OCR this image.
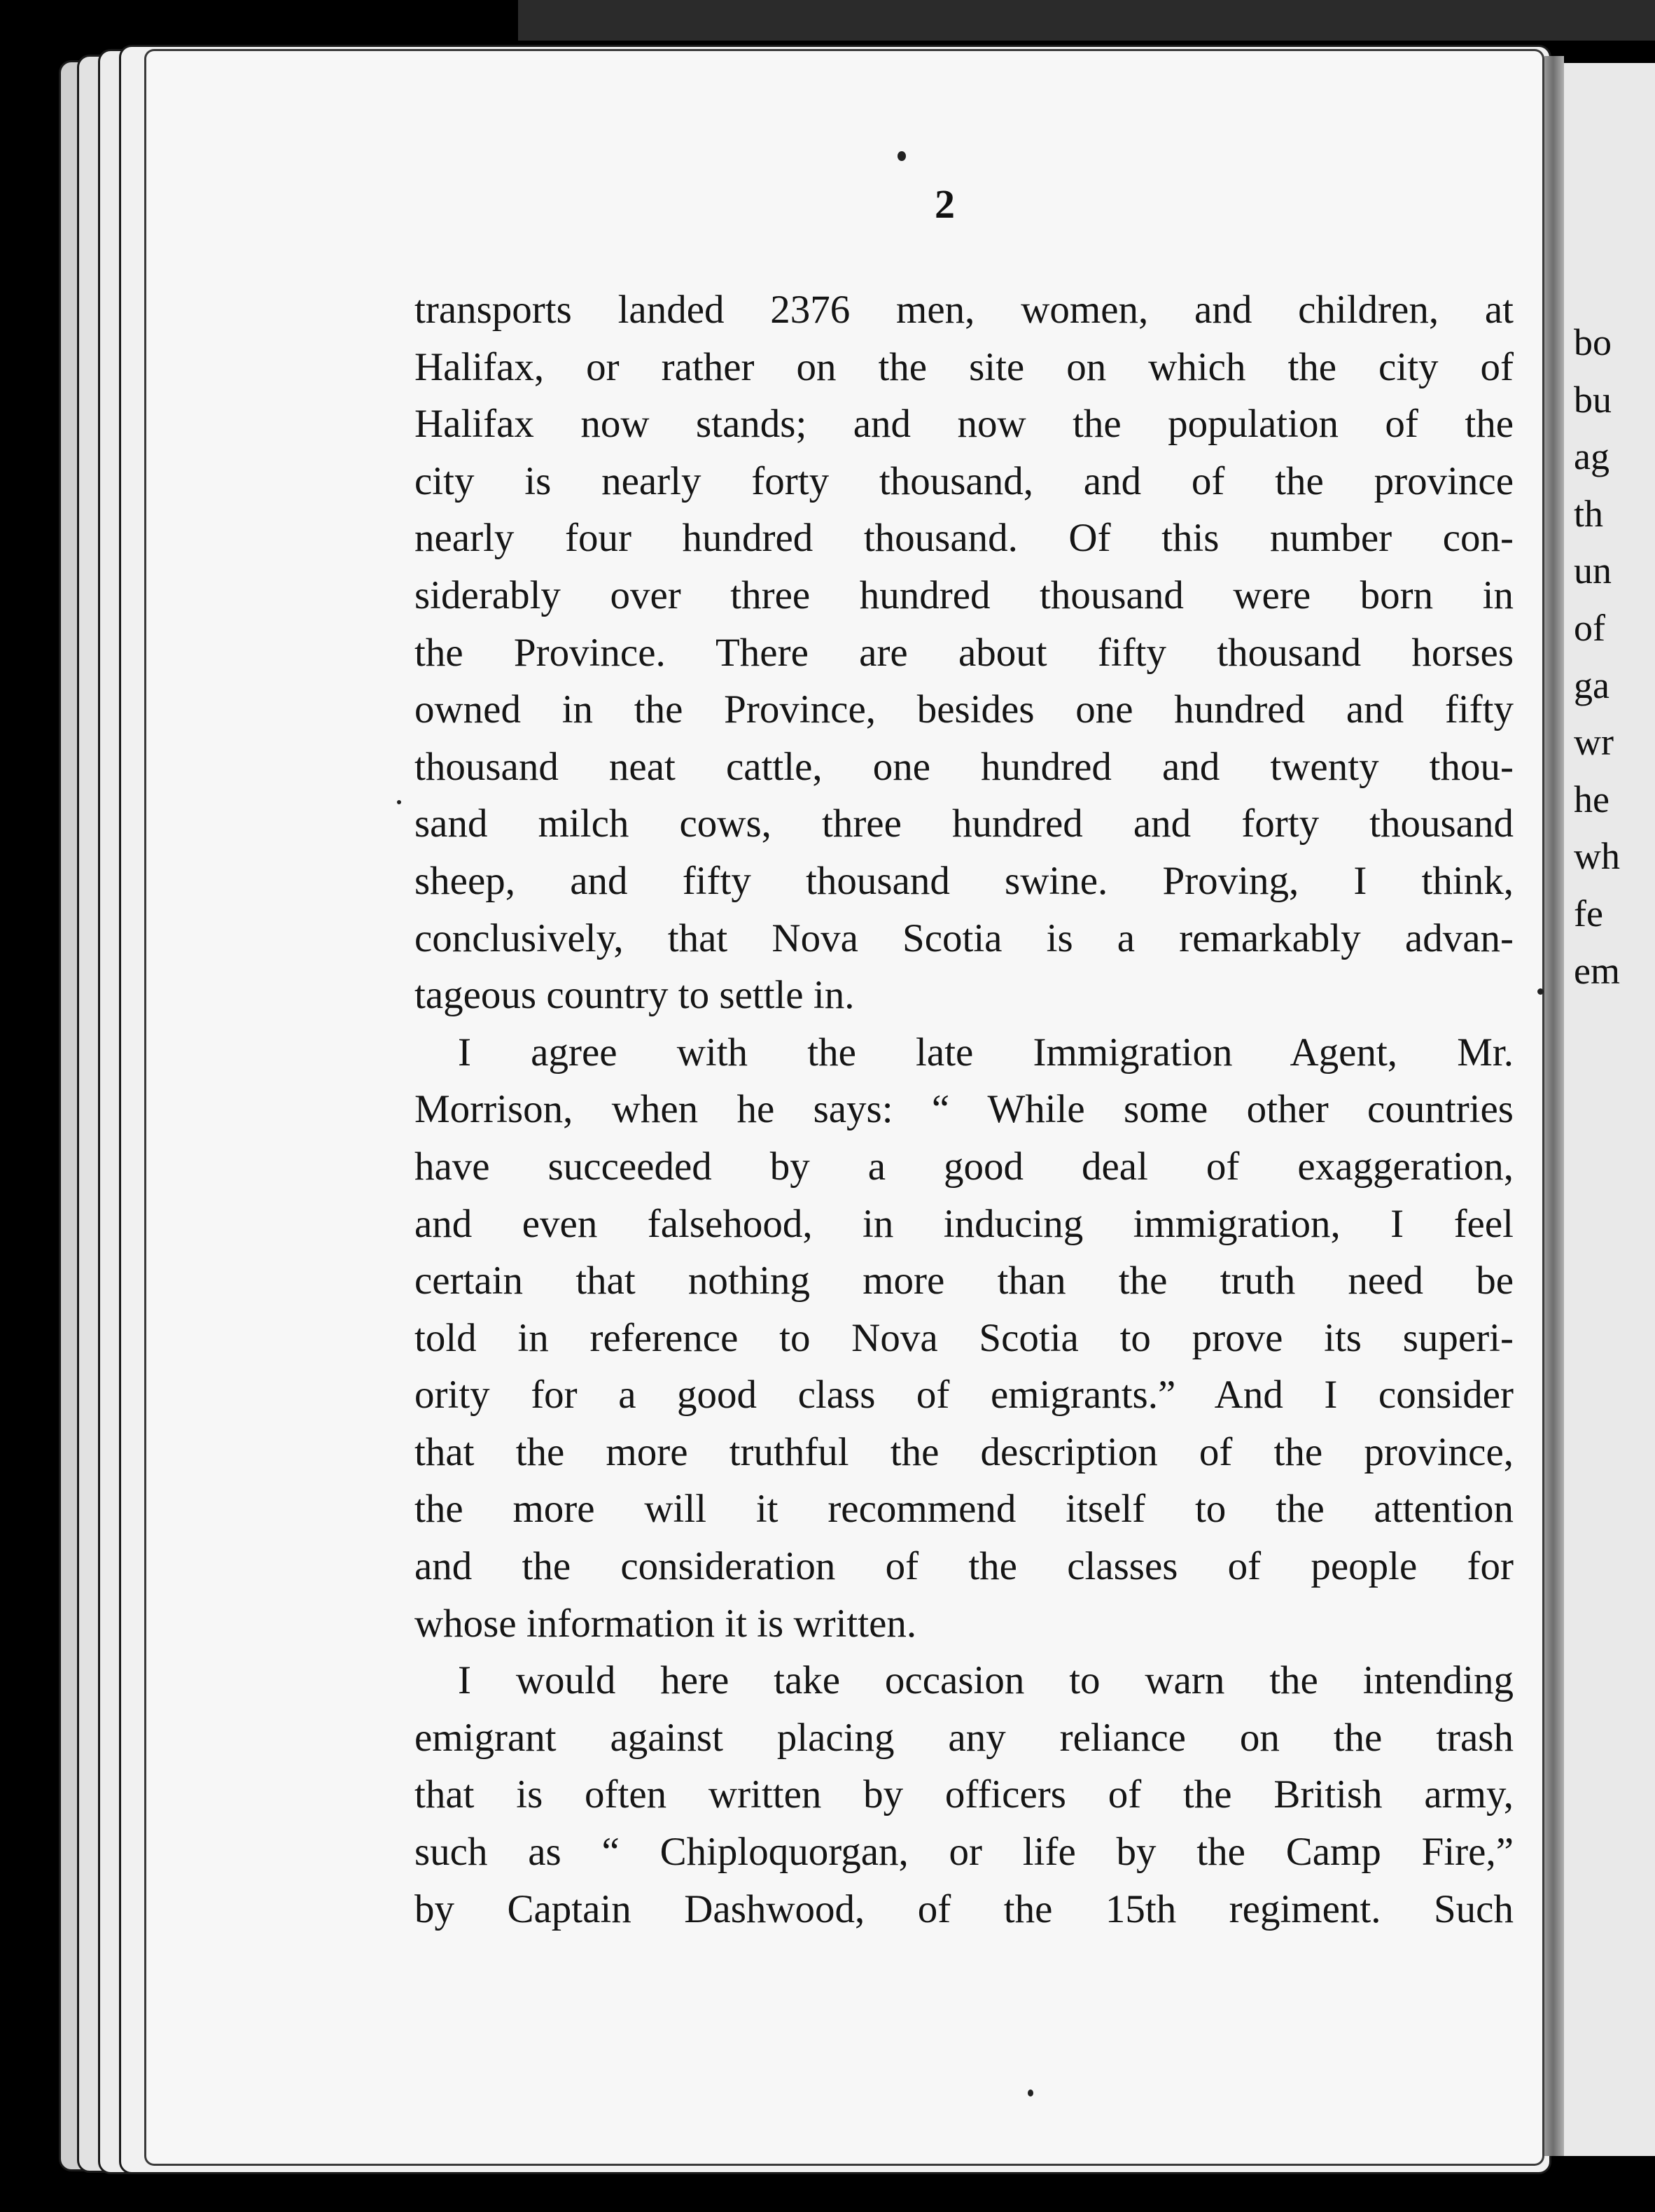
2
transports landed 2376 men, women, and children, at
Halifax, or rather on the site on which the city of
Halifax now stands; and now the population of the
city is nearly forty thousand, and of the province
nearly four hundred thousand. Of this number con-
siderably over three hundred thousand were born in
the Province. There are about fifty thousand horses
owned in the Province, besides one hundred and fifty
thousand neat cattle, one hundred and twenty thou-
sand milch cows, three hundred and forty thousand
sheep, and fifty thousand swine. Proving, I think,
conclusively, that Nova Scotia is a remarkably advan-
tageous country to settle in.
I agree with the late Immigration Agent, Mr.
Morrison, when he says: “ While some other countries
have succeeded by a good deal of exaggeration,
and even falsehood, in inducing immigration, I feel
certain that nothing more than the truth need be
told in reference to Nova Scotia to prove its superi-
ority for a good class of emigrants.” And I consider
that the more truthful the description of the province,
the more will it recommend itself to the attention
and the consideration of the classes of people for
whose information it is written.
I would here take occasion to warn the intending
emigrant against placing any reliance on the trash
that is often written by officers of the British army,
such as “ Chiploquorgan, or life by the Camp Fire,”
by Captain Dashwood, of the 15th regiment. Such
bo
bu
ag
th
un
of
ga
wr
he
wh
fe
em
